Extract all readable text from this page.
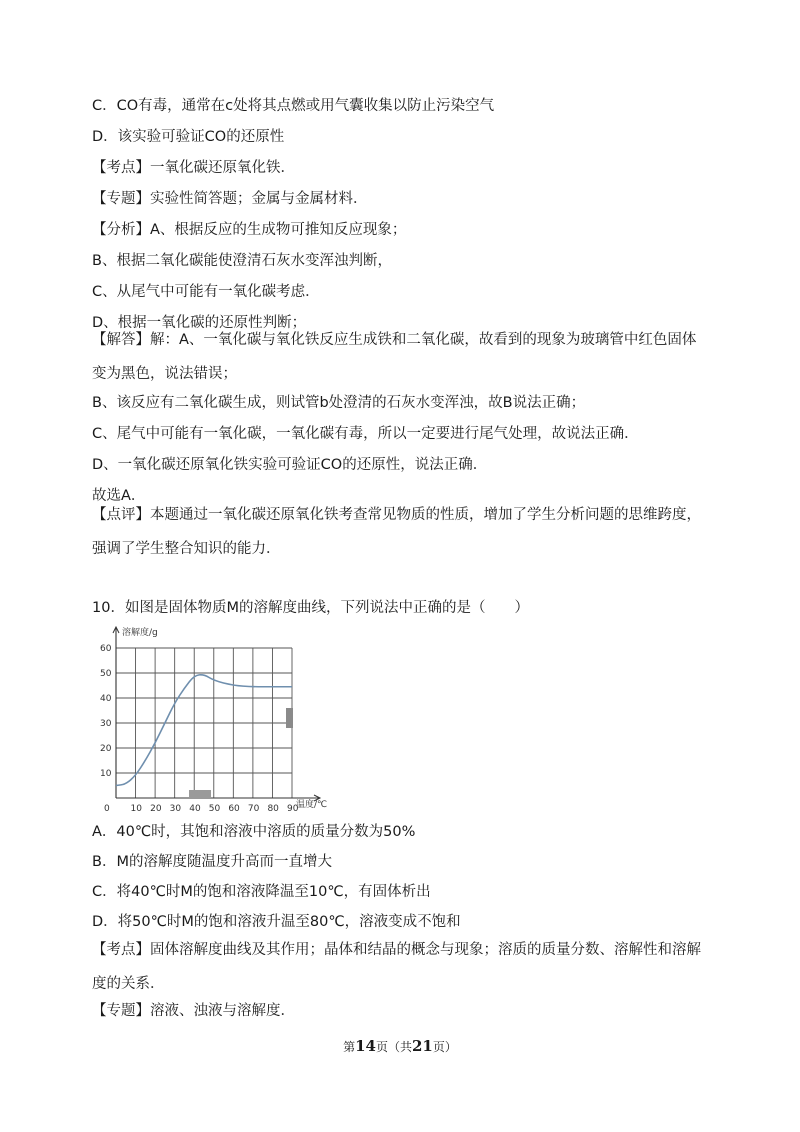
C．CO有毒，通常在c处将其点燃或用气囊收集以防止污染空气
D．该实验可验证CO的还原性
【考点】一氧化碳还原氧化铁．
【专题】实验性简答题；金属与金属材料．
【分析】A、根据反应的生成物可推知反应现象；
B、根据二氧化碳能使澄清石灰水变浑浊判断，
C、从尾气中可能有一氧化碳考虑．
D、根据一氧化碳的还原性判断；
【解答】解：A、一氧化碳与氧化铁反应生成铁和二氧化碳，故看到的现象为玻璃管中红色固体变为黑色，说法错误；
B、该反应有二氧化碳生成，则试管b处澄清的石灰水变浑浊，故B说法正确；
C、尾气中可能有一氧化碳，一氧化碳有毒，所以一定要进行尾气处理，故说法正确．
D、一氧化碳还原氧化铁实验可验证CO的还原性，说法正确．
故选A．
【点评】本题通过一氧化碳还原氧化铁考查常见物质的性质，增加了学生分析问题的思维跨度，强调了学生整合知识的能力．
10．如图是固体物质M的溶解度曲线，下列说法中正确的是（　　）
0 10 20 30 40 50 60 70 80 90
10
20
30
40
50
60
溶解度/g
温度/℃
A．40℃时，其饱和溶液中溶质的质量分数为50%
B．M的溶解度随温度升高而一直增大
C．将40℃时M的饱和溶液降温至10℃，有固体析出
D．将50℃时M的饱和溶液升温至80℃，溶液变成不饱和
【考点】固体溶解度曲线及其作用；晶体和结晶的概念与现象；溶质的质量分数、溶解性和溶解度的关系．
【专题】溶液、浊液与溶解度．
第14页（共21页）
